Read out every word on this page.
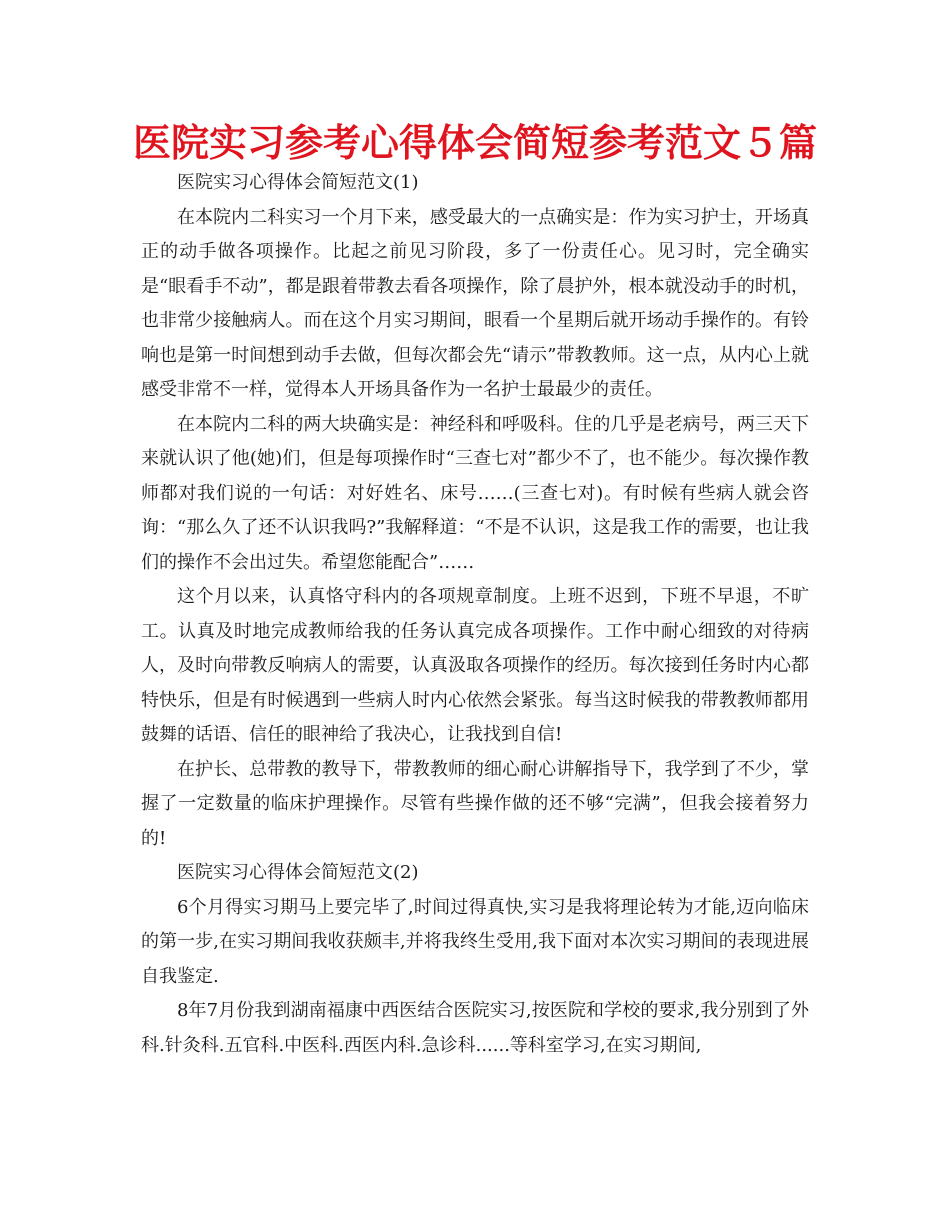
医院实习参考心得体会简短参考范文５篇

医院实习心得体会简短范文(1)

在本院内二科实习一个月下来，感受最大的一点确实是：作为实习护士，开场真正的动手做各项操作。比起之前见习阶段，多了一份责任心。见习时，完全确实是“眼看手不动”，都是跟着带教去看各项操作，除了晨护外，根本就没动手的时机，也非常少接触病人。而在这个月实习期间，眼看一个星期后就开场动手操作的。有铃响也是第一时间想到动手去做，但每次都会先“请示”带教教师。这一点，从内心上就感受非常不一样，觉得本人开场具备作为一名护士最最少的责任。

在本院内二科的两大块确实是：神经科和呼吸科。住的几乎是老病号，两三天下来就认识了他(她)们，但是每项操作时“三查七对”都少不了，也不能少。每次操作教师都对我们说的一句话：对好姓名、床号……(三查七对)。有时候有些病人就会咨询：“那么久了还不认识我吗?”我解释道：“不是不认识，这是我工作的需要，也让我们的操作不会出过失。希望您能配合”……

这个月以来，认真恪守科内的各项规章制度。上班不迟到，下班不早退，不旷工。认真及时地完成教师给我的任务认真完成各项操作。工作中耐心细致的对待病人，及时向带教反响病人的需要，认真汲取各项操作的经历。每次接到任务时内心都特快乐，但是有时候遇到一些病人时内心依然会紧张。每当这时候我的带教教师都用鼓舞的话语、信任的眼神给了我决心，让我找到自信!

在护长、总带教的教导下，带教教师的细心耐心讲解指导下，我学到了不少，掌握了一定数量的临床护理操作。尽管有些操作做的还不够“完满”，但我会接着努力的!

医院实习心得体会简短范文(2)

6个月得实习期马上要完毕了,时间过得真快,实习是我将理论转为才能,迈向临床的第一步,在实习期间我收获颇丰,并将我终生受用,我下面对本次实习期间的表现进展自我鉴定.

8年7月份我到湖南福康中西医结合医院实习,按医院和学校的要求,我分别到了外科.针灸科.五官科.中医科.西医内科.急诊科......等科室学习,在实习期间,
